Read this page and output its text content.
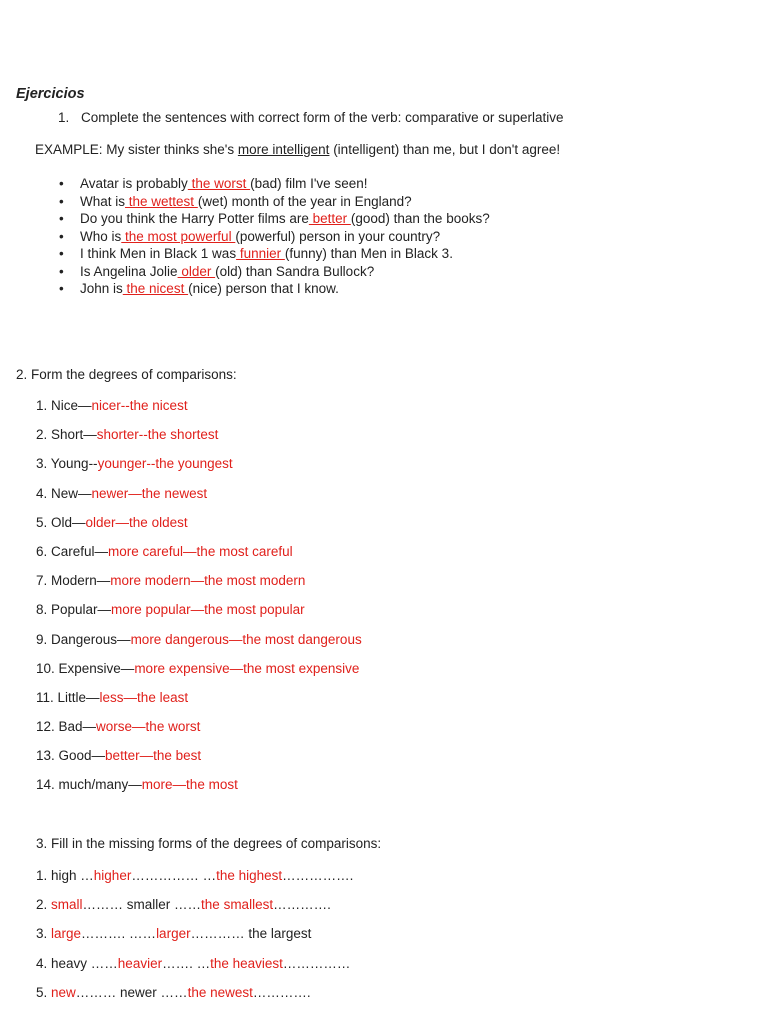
Ejercicios
1. Complete the sentences with correct form of the verb: comparative or superlative
EXAMPLE: My sister thinks she's more intelligent (intelligent) than me, but I don't agree!
• Avatar is probably the worst (bad) film I've seen!
• What is the wettest (wet) month of the year in England?
• Do you think the Harry Potter films are better (good) than the books?
• Who is the most powerful (powerful) person in your country?
• I think Men in Black 1 was funnier (funny) than Men in Black 3.
• Is Angelina Jolie older (old) than Sandra Bullock?
• John is the nicest (nice) person that I know.
2. Form the degrees of comparisons:
1. Nice—nicer--the nicest
2. Short—shorter--the shortest
3. Young--younger--the youngest
4. New—newer—the newest
5. Old—older—the oldest
6. Careful—more careful—the most careful
7. Modern—more modern—the most modern
8. Popular—more popular—the most popular
9. Dangerous—more dangerous—the most dangerous
10. Expensive—more expensive—the most expensive
11. Little—less—the least
12. Bad—worse—the worst
13. Good—better—the best
14. much/many—more—the most
3. Fill in the missing forms of the degrees of comparisons:
1. high …higher…………… …the highest…………….
2. small……… smaller ……the smallest………….
3. large………. ……larger………… the largest
4. heavy ……heavier……. …the heaviest……………
5. new……… newer ……the newest………….
